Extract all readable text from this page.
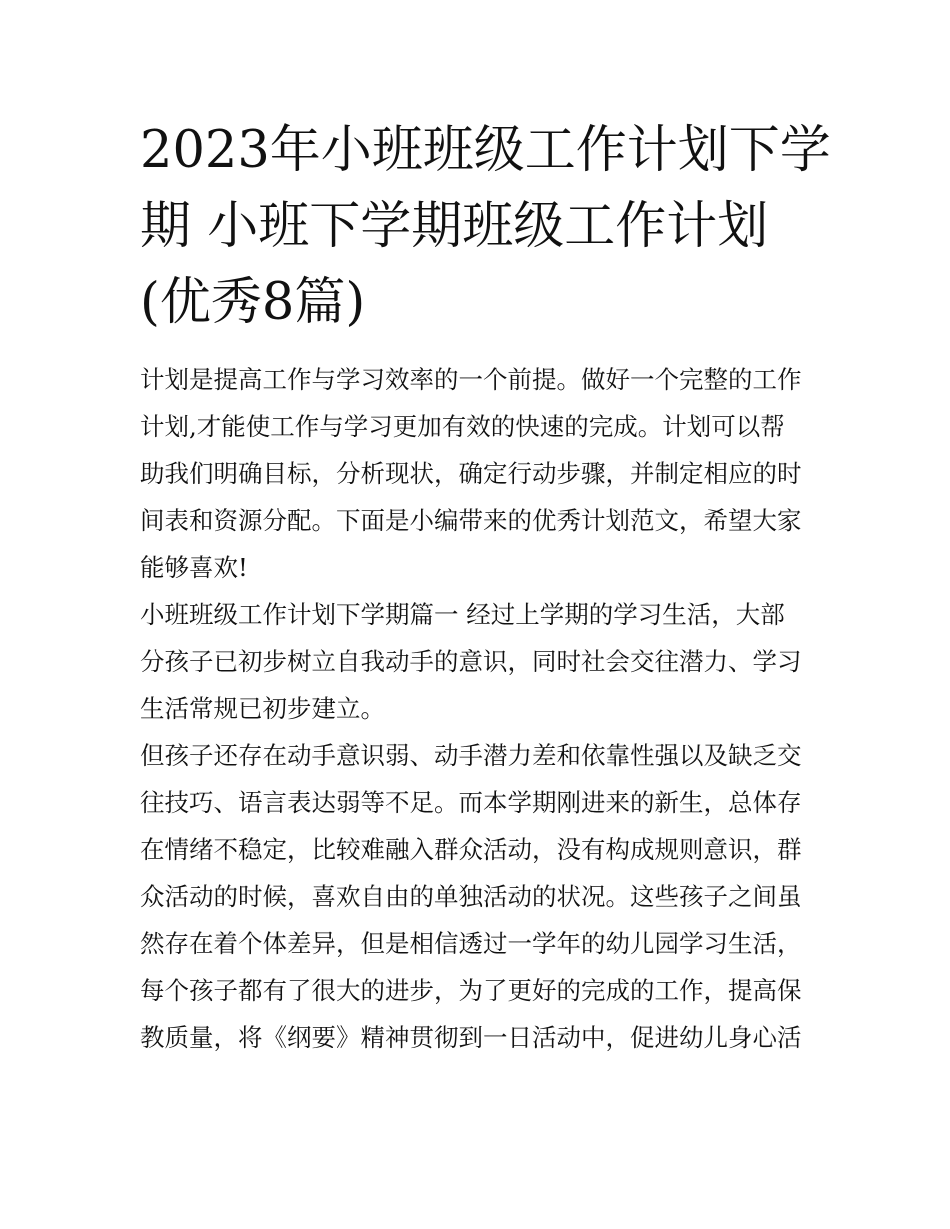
2023年小班班级工作计划下学
期 小班下学期班级工作计划
(优秀8篇)
计划是提高工作与学习效率的一个前提。做好一个完整的工作
计划,才能使工作与学习更加有效的快速的完成。计划可以帮
助我们明确目标，分析现状，确定行动步骤，并制定相应的时
间表和资源分配。下面是小编带来的优秀计划范文，希望大家
能够喜欢!
小班班级工作计划下学期篇一 经过上学期的学习生活，大部
分孩子已初步树立自我动手的意识，同时社会交往潜力、学习
生活常规已初步建立。
但孩子还存在动手意识弱、动手潜力差和依靠性强以及缺乏交
往技巧、语言表达弱等不足。而本学期刚进来的新生，总体存
在情绪不稳定，比较难融入群众活动，没有构成规则意识，群
众活动的时候，喜欢自由的单独活动的状况。这些孩子之间虽
然存在着个体差异，但是相信透过一学年的幼儿园学习生活，
每个孩子都有了很大的进步，为了更好的完成的工作，提高保
教质量，将《纲要》精神贯彻到一日活动中，促进幼儿身心活
